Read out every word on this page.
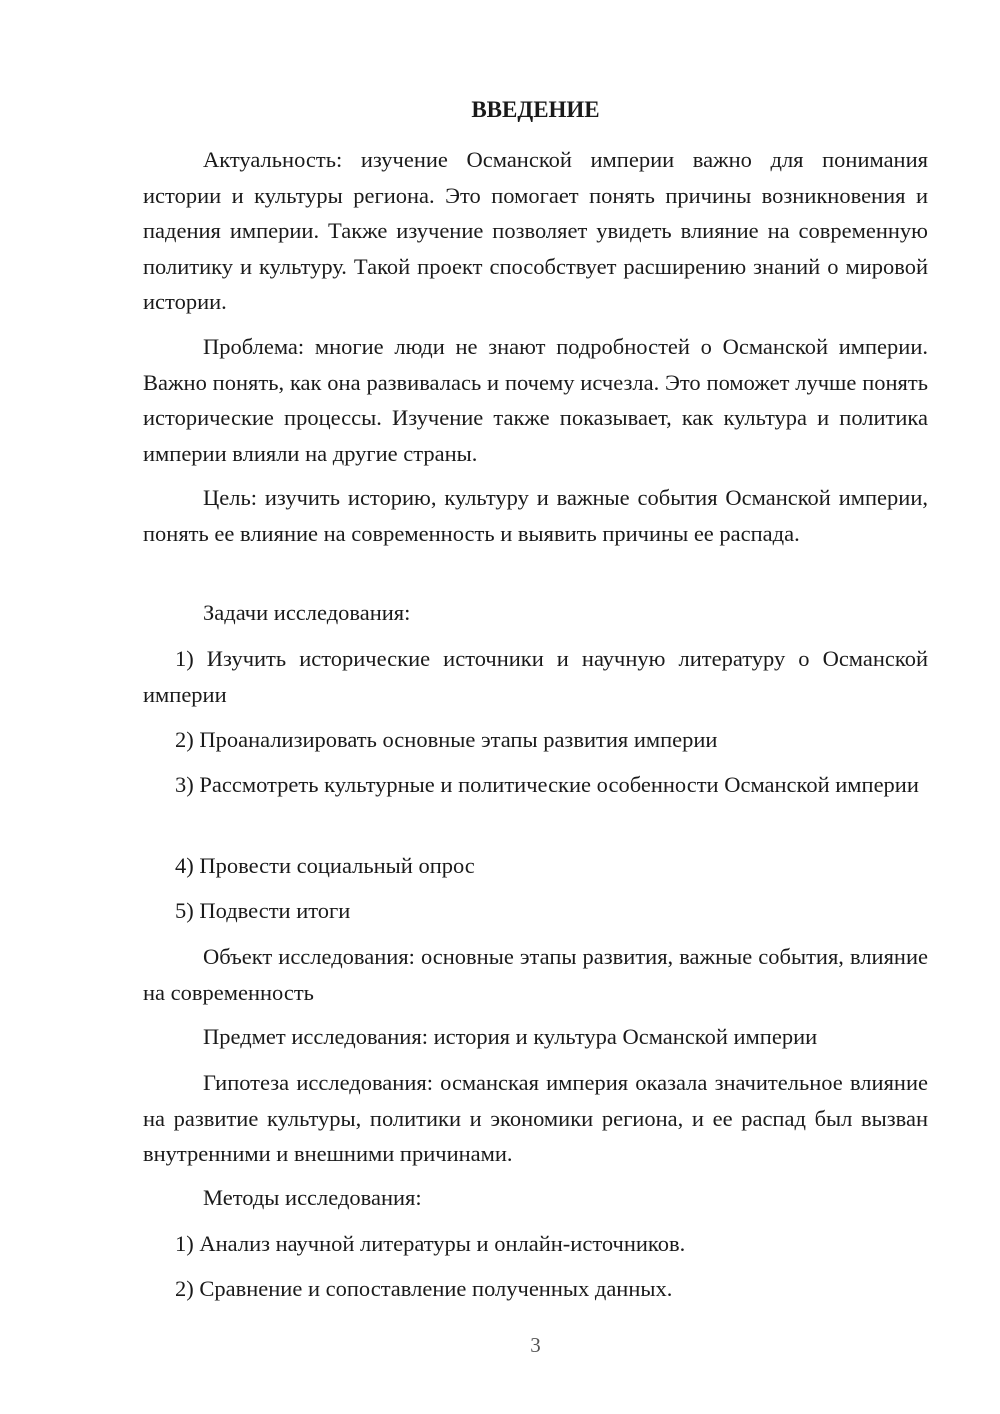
ВВЕДЕНИЕ

Актуальность: изучение Османской империи важно для понимания истории и культуры региона. Это помогает понять причины возникновения и падения империи. Также изучение позволяет увидеть влияние на современную политику и культуру. Такой проект способствует расширению знаний о мировой истории.

Проблема: многие люди не знают подробностей о Османской империи. Важно понять, как она развивалась и почему исчезла. Это поможет лучше понять исторические процессы. Изучение также показывает, как культура и политика империи влияли на другие страны.

Цель: изучить историю, культуру и важные события Османской империи, понять ее влияние на современность и выявить причины ее распада.

Задачи исследования:

1) Изучить исторические источники и научную литературу о Османской империи

2) Проанализировать основные этапы развития империи

3) Рассмотреть культурные и политические особенности Османской империи

4) Провести социальный опрос

5) Подвести итоги

Объект исследования: основные этапы развития, важные события, влияние на современность

Предмет исследования: история и культура Османской империи

Гипотеза исследования: османская империя оказала значительное влияние на развитие культуры, политики и экономики региона, и ее распад был вызван внутренними и внешними причинами.

Методы исследования:

1) Анализ научной литературы и онлайн-источников.

2) Сравнение и сопоставление полученных данных.

3
